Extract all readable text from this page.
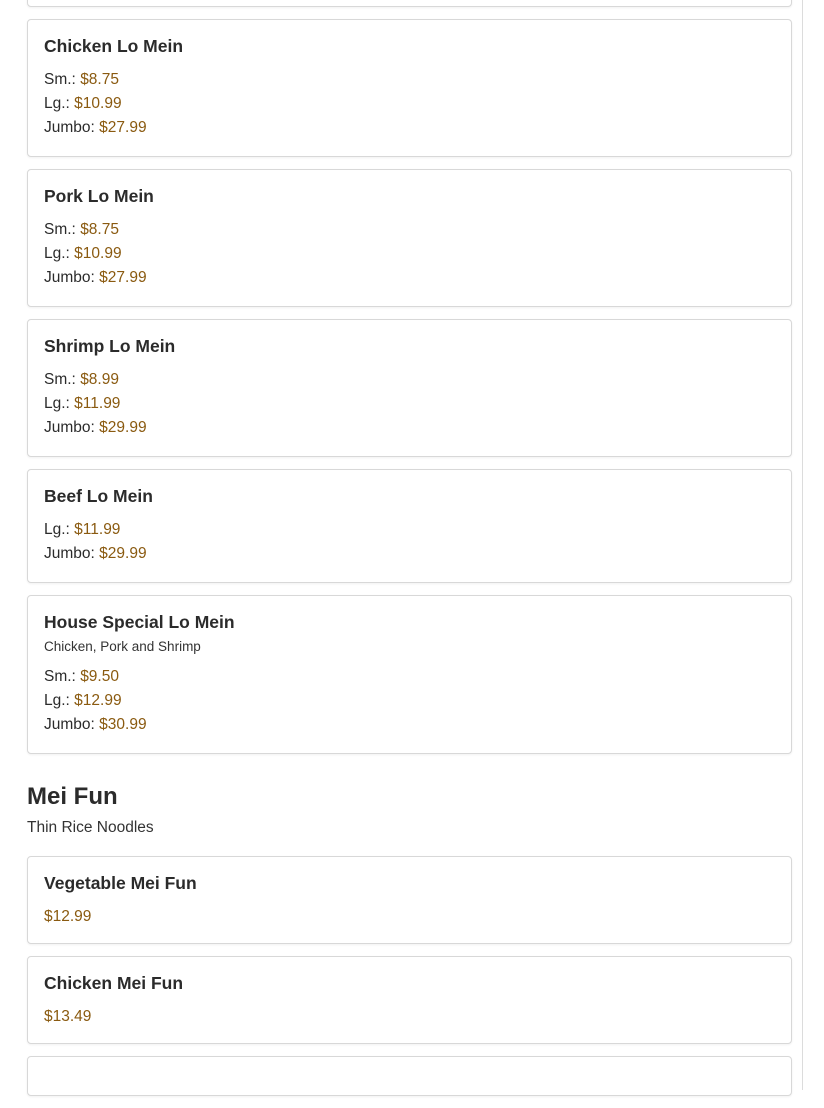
Chicken Lo Mein
Sm.: $8.75
Lg.: $10.99
Jumbo: $27.99
Pork Lo Mein
Sm.: $8.75
Lg.: $10.99
Jumbo: $27.99
Shrimp Lo Mein
Sm.: $8.99
Lg.: $11.99
Jumbo: $29.99
Beef Lo Mein
Lg.: $11.99
Jumbo: $29.99
House Special Lo Mein
Chicken, Pork and Shrimp
Sm.: $9.50
Lg.: $12.99
Jumbo: $30.99
Mei Fun
Thin Rice Noodles
Vegetable Mei Fun
$12.99
Chicken Mei Fun
$13.49
